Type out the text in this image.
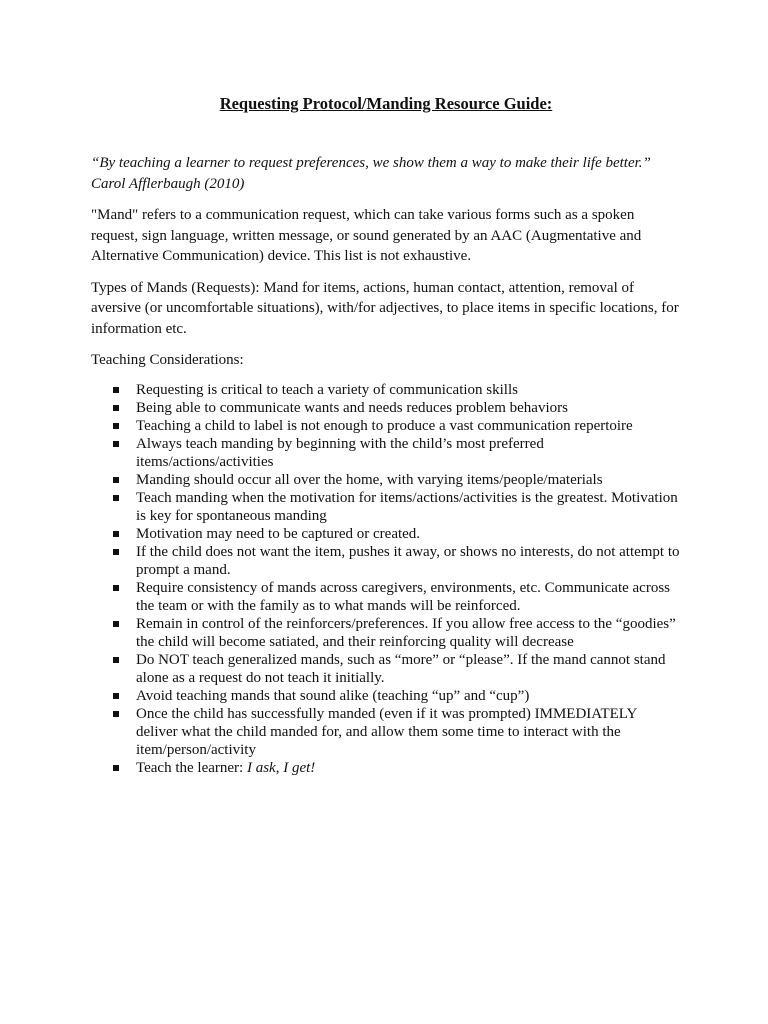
Requesting Protocol/Manding Resource Guide:
“By teaching a learner to request preferences, we show them a way to make their life better.”
Carol Afflerbaugh (2010)
"Mand" refers to a communication request, which can take various forms such as a spoken request, sign language, written message, or sound generated by an AAC (Augmentative and Alternative Communication) device. This list is not exhaustive.
Types of Mands (Requests): Mand for items, actions, human contact, attention, removal of aversive (or uncomfortable situations), with/for adjectives, to place items in specific locations, for information etc.
Teaching Considerations:
Requesting is critical to teach a variety of communication skills
Being able to communicate wants and needs reduces problem behaviors
Teaching a child to label is not enough to produce a vast communication repertoire
Always teach manding by beginning with the child’s most preferred items/actions/activities
Manding should occur all over the home, with varying items/people/materials
Teach manding when the motivation for items/actions/activities is the greatest. Motivation is key for spontaneous manding
Motivation may need to be captured or created.
If the child does not want the item, pushes it away, or shows no interests, do not attempt to prompt a mand.
Require consistency of mands across caregivers, environments, etc. Communicate across the team or with the family as to what mands will be reinforced.
Remain in control of the reinforcers/preferences. If you allow free access to the “goodies” the child will become satiated, and their reinforcing quality will decrease
Do NOT teach generalized mands, such as “more” or “please”. If the mand cannot stand alone as a request do not teach it initially.
Avoid teaching mands that sound alike (teaching “up” and “cup”)
Once the child has successfully manded (even if it was prompted) IMMEDIATELY deliver what the child manded for, and allow them some time to interact with the item/person/activity
Teach the learner: I ask, I get!
